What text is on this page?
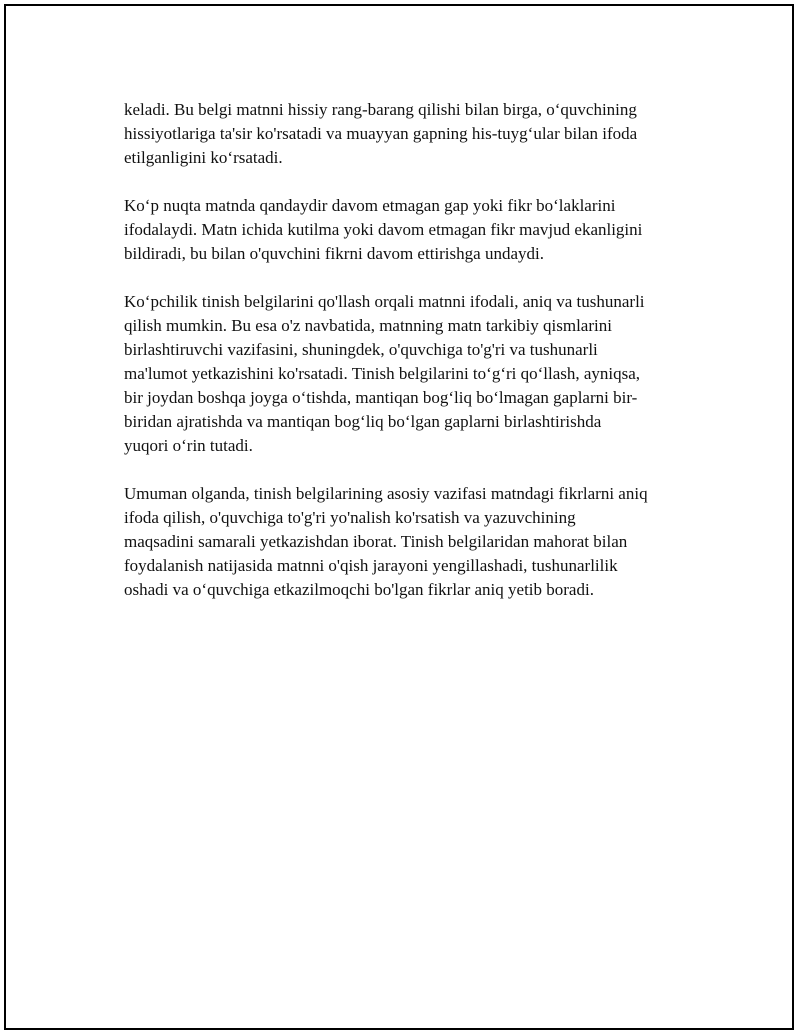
keladi. Bu belgi matnni hissiy rang-barang qilishi bilan birga, o‘quvchining
hissiyotlariga ta'sir ko'rsatadi va muayyan gapning his-tuyg‘ular bilan ifoda
etilganligini ko‘rsatadi.

Ko‘p nuqta matnda qandaydir davom etmagan gap yoki fikr bo‘laklarini
ifodalaydi. Matn ichida kutilma yoki davom etmagan fikr mavjud ekanligini
bildiradi, bu bilan o'quvchini fikrni davom ettirishga undaydi.

Ko‘pchilik tinish belgilarini qo'llash orqali matnni ifodali, aniq va tushunarli
qilish mumkin. Bu esa o'z navbatida, matnning matn tarkibiy qismlarini
birlashtiruvchi vazifasini, shuningdek, o'quvchiga to'g'ri va tushunarli
ma'lumot yetkazishini ko'rsatadi. Tinish belgilarini to‘g‘ri qo‘llash, ayniqsa,
bir joydan boshqa joyga o‘tishda, mantiqan bog‘liq bo‘lmagan gaplarni bir-
biridan ajratishda va mantiqan bog‘liq bo‘lgan gaplarni birlashtirishda
yuqori o‘rin tutadi.

Umuman olganda, tinish belgilarining asosiy vazifasi matndagi fikrlarni aniq
ifoda qilish, o'quvchiga to'g'ri yo'nalish ko'rsatish va yazuvchining
maqsadini samarali yetkazishdan iborat. Tinish belgilaridan mahorat bilan
foydalanish natijasida matnni o'qish jarayoni yengillashadi, tushunarlilik
oshadi va o‘quvchiga etkazilmoqchi bo'lgan fikrlar aniq yetib boradi.
